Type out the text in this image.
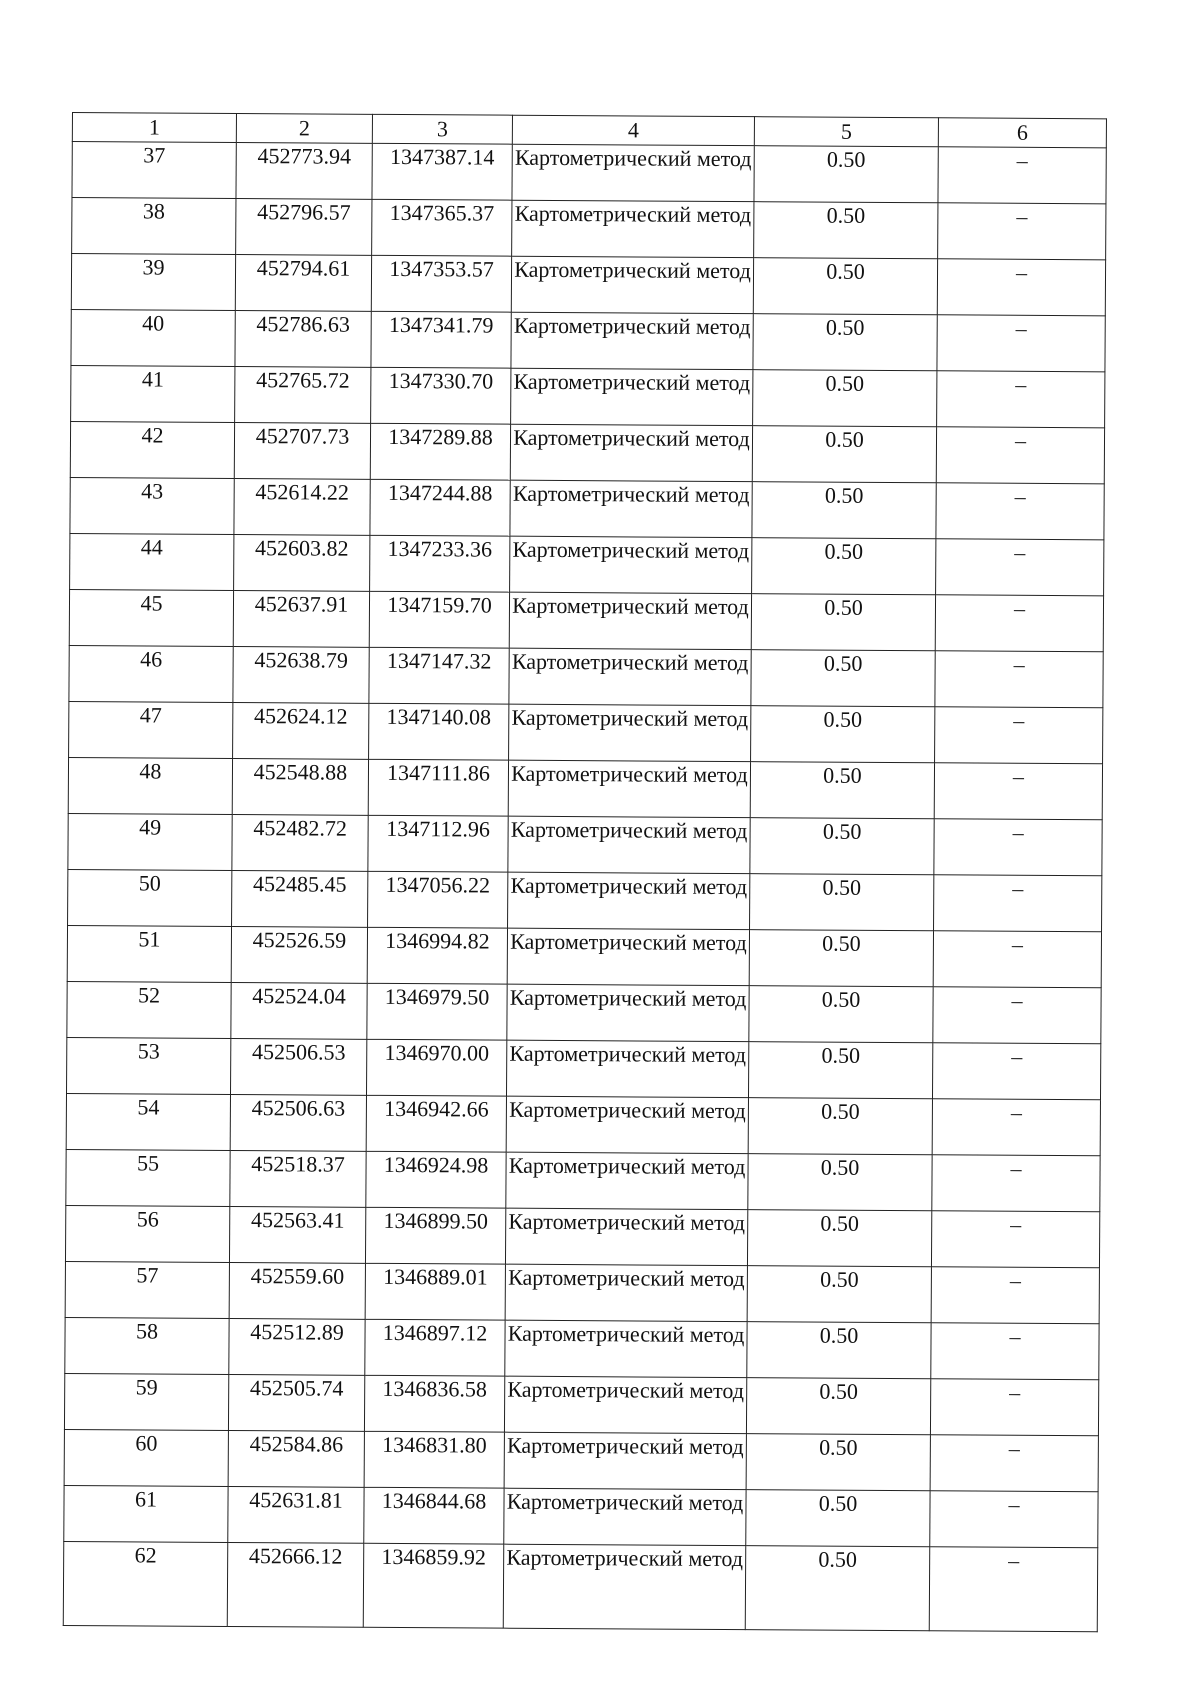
1	2	3	4	5	6
37	452773.94	1347387.14	Картометрический метод	0.50	–
38	452796.57	1347365.37	Картометрический метод	0.50	–
39	452794.61	1347353.57	Картометрический метод	0.50	–
40	452786.63	1347341.79	Картометрический метод	0.50	–
41	452765.72	1347330.70	Картометрический метод	0.50	–
42	452707.73	1347289.88	Картометрический метод	0.50	–
43	452614.22	1347244.88	Картометрический метод	0.50	–
44	452603.82	1347233.36	Картометрический метод	0.50	–
45	452637.91	1347159.70	Картометрический метод	0.50	–
46	452638.79	1347147.32	Картометрический метод	0.50	–
47	452624.12	1347140.08	Картометрический метод	0.50	–
48	452548.88	1347111.86	Картометрический метод	0.50	–
49	452482.72	1347112.96	Картометрический метод	0.50	–
50	452485.45	1347056.22	Картометрический метод	0.50	–
51	452526.59	1346994.82	Картометрический метод	0.50	–
52	452524.04	1346979.50	Картометрический метод	0.50	–
53	452506.53	1346970.00	Картометрический метод	0.50	–
54	452506.63	1346942.66	Картометрический метод	0.50	–
55	452518.37	1346924.98	Картометрический метод	0.50	–
56	452563.41	1346899.50	Картометрический метод	0.50	–
57	452559.60	1346889.01	Картометрический метод	0.50	–
58	452512.89	1346897.12	Картометрический метод	0.50	–
59	452505.74	1346836.58	Картометрический метод	0.50	–
60	452584.86	1346831.80	Картометрический метод	0.50	–
61	452631.81	1346844.68	Картометрический метод	0.50	–
62	452666.12	1346859.92	Картометрический метод	0.50	–
